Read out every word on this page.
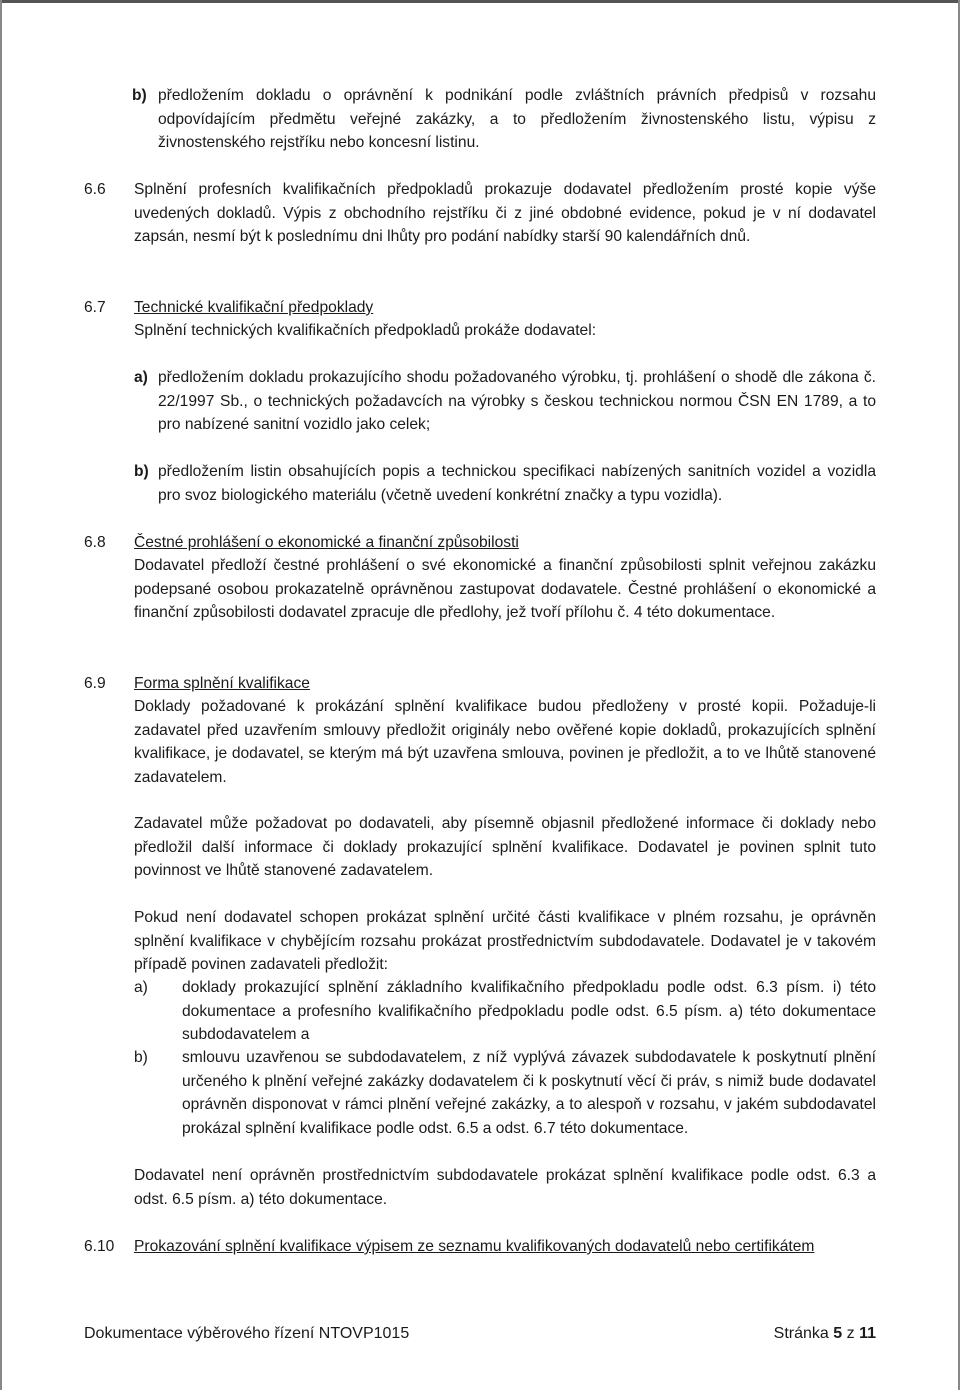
b) předložením dokladu o oprávnění k podnikání podle zvláštních právních předpisů v rozsahu odpovídajícím předmětu veřejné zakázky, a to předložením živnostenského listu, výpisu z živnostenského rejstříku nebo koncesní listinu.

6.6 Splnění profesních kvalifikačních předpokladů prokazuje dodavatel předložením prosté kopie výše uvedených dokladů. Výpis z obchodního rejstříku či z jiné obdobné evidence, pokud je v ní dodavatel zapsán, nesmí být k poslednímu dni lhůty pro podání nabídky starší 90 kalendářních dnů.

6.7 Technické kvalifikační předpoklady

Splnění technických kvalifikačních předpokladů prokáže dodavatel:

a) předložením dokladu prokazujícího shodu požadovaného výrobku, tj. prohlášení o shodě dle zákona č. 22/1997 Sb., o technických požadavcích na výrobky s českou technickou normou ČSN EN 1789, a to pro nabízené sanitní vozidlo jako celek;

b) předložením listin obsahujících popis a technickou specifikaci nabízených sanitních vozidel a vozidla pro svoz biologického materiálu (včetně uvedení konkrétní značky a typu vozidla).

6.8 Čestné prohlášení o ekonomické a finanční způsobilosti

Dodavatel předloží čestné prohlášení o své ekonomické a finanční způsobilosti splnit veřejnou zakázku podepsané osobou prokazatelně oprávněnou zastupovat dodavatele. Čestné prohlášení o ekonomické a finanční způsobilosti dodavatel zpracuje dle předlohy, jež tvoří přílohu č. 4 této dokumentace.

6.9 Forma splnění kvalifikace

Doklady požadované k prokázání splnění kvalifikace budou předloženy v prosté kopii. Požaduje-li zadavatel před uzavřením smlouvy předložit originály nebo ověřené kopie dokladů, prokazujících splnění kvalifikace, je dodavatel, se kterým má být uzavřena smlouva, povinen je předložit, a to ve lhůtě stanovené zadavatelem.

Zadavatel může požadovat po dodavateli, aby písemně objasnil předložené informace či doklady nebo předložil další informace či doklady prokazující splnění kvalifikace. Dodavatel je povinen splnit tuto povinnost ve lhůtě stanovené zadavatelem.

Pokud není dodavatel schopen prokázat splnění určité části kvalifikace v plném rozsahu, je oprávněn splnění kvalifikace v chybějícím rozsahu prokázat prostřednictvím subdodavatele. Dodavatel je v takovém případě povinen zadavateli předložit:

a) doklady prokazující splnění základního kvalifikačního předpokladu podle odst. 6.3 písm. i) této dokumentace a profesního kvalifikačního předpokladu podle odst. 6.5 písm. a) této dokumentace subdodavatelem a

b) smlouvu uzavřenou se subdodavatelem, z níž vyplývá závazek subdodavatele k poskytnutí plnění určeného k plnění veřejné zakázky dodavatelem či k poskytnutí věcí či práv, s nimiž bude dodavatel oprávněn disponovat v rámci plnění veřejné zakázky, a to alespoň v rozsahu, v jakém subdodavatel prokázal splnění kvalifikace podle odst. 6.5 a odst. 6.7 této dokumentace.

Dodavatel není oprávněn prostřednictvím subdodavatele prokázat splnění kvalifikace podle odst. 6.3 a odst. 6.5 písm. a) této dokumentace.

6.10 Prokazování splnění kvalifikace výpisem ze seznamu kvalifikovaných dodavatelů nebo certifikátem

Dokumentace výběrového řízení NTOVP1015	Stránka 5 z 11
